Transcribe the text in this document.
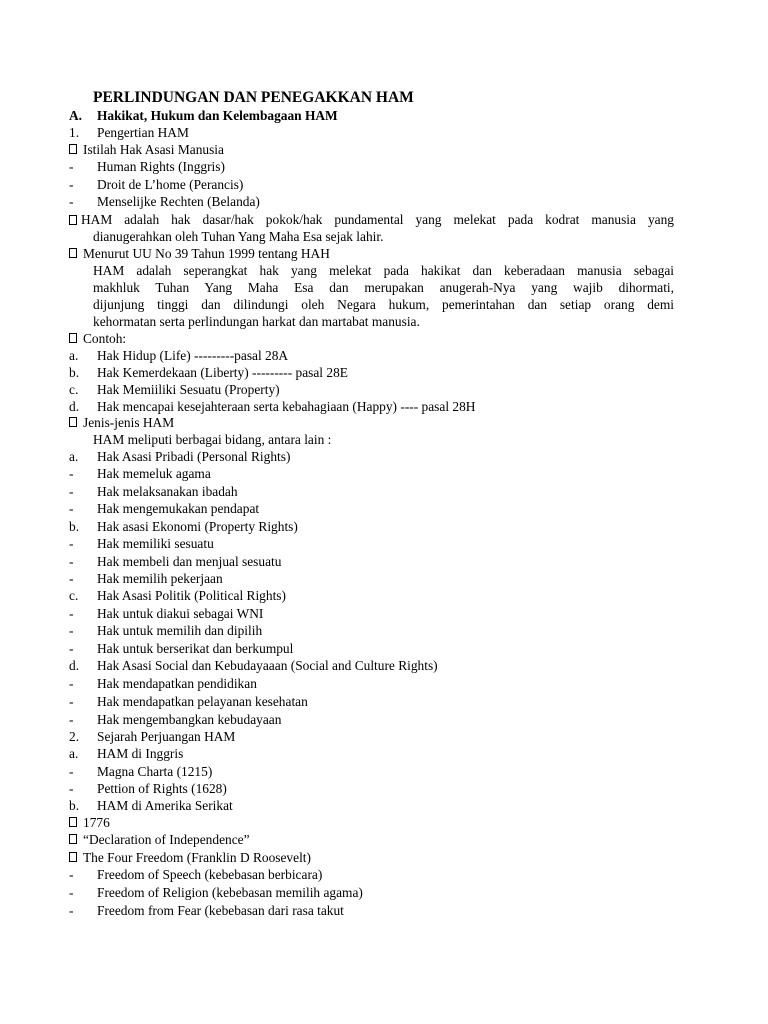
PERLINDUNGAN DAN PENEGAKKAN HAM
A. Hakikat, Hukum dan Kelembagaan HAM
1. Pengertian HAM
Istilah Hak Asasi Manusia
- Human Rights (Inggris)
- Droit de L’home (Perancis)
- Menselijke Rechten (Belanda)
HAM adalah hak dasar/hak pokok/hak pundamental yang melekat pada kodrat manusia yang
dianugerahkan oleh Tuhan Yang Maha Esa sejak lahir.
Menurut UU No 39 Tahun 1999 tentang HAH
HAM adalah seperangkat hak yang melekat pada hakikat dan keberadaan manusia sebagai
makhluk Tuhan Yang Maha Esa dan merupakan anugerah-Nya yang wajib dihormati,
dijunjung tinggi dan dilindungi oleh Negara hukum, pemerintahan dan setiap orang demi
kehormatan serta perlindungan harkat dan martabat manusia.
Contoh:
a. Hak Hidup (Life) ---------pasal 28A
b. Hak Kemerdekaan (Liberty) --------- pasal 28E
c. Hak Memiiliki Sesuatu (Property)
d. Hak mencapai kesejahteraan serta kebahagiaan (Happy) ---- pasal 28H
Jenis-jenis HAM
HAM meliputi berbagai bidang, antara lain :
a. Hak Asasi Pribadi (Personal Rights)
- Hak memeluk agama
- Hak melaksanakan ibadah
- Hak mengemukakan pendapat
b. Hak asasi Ekonomi (Property Rights)
- Hak memiliki sesuatu
- Hak membeli dan menjual sesuatu
- Hak memilih pekerjaan
c. Hak Asasi Politik (Political Rights)
- Hak untuk diakui sebagai WNI
- Hak untuk memilih dan dipilih
- Hak untuk berserikat dan berkumpul
d. Hak Asasi Social dan Kebudayaaan (Social and Culture Rights)
- Hak mendapatkan pendidikan
- Hak mendapatkan pelayanan kesehatan
- Hak mengembangkan kebudayaan
2. Sejarah Perjuangan HAM
a. HAM di Inggris
- Magna Charta (1215)
- Pettion of Rights (1628)
b. HAM di Amerika Serikat
1776
“Declaration of Independence”
The Four Freedom (Franklin D Roosevelt)
- Freedom of Speech (kebebasan berbicara)
- Freedom of Religion (kebebasan memilih agama)
- Freedom from Fear (kebebasan dari rasa takut
